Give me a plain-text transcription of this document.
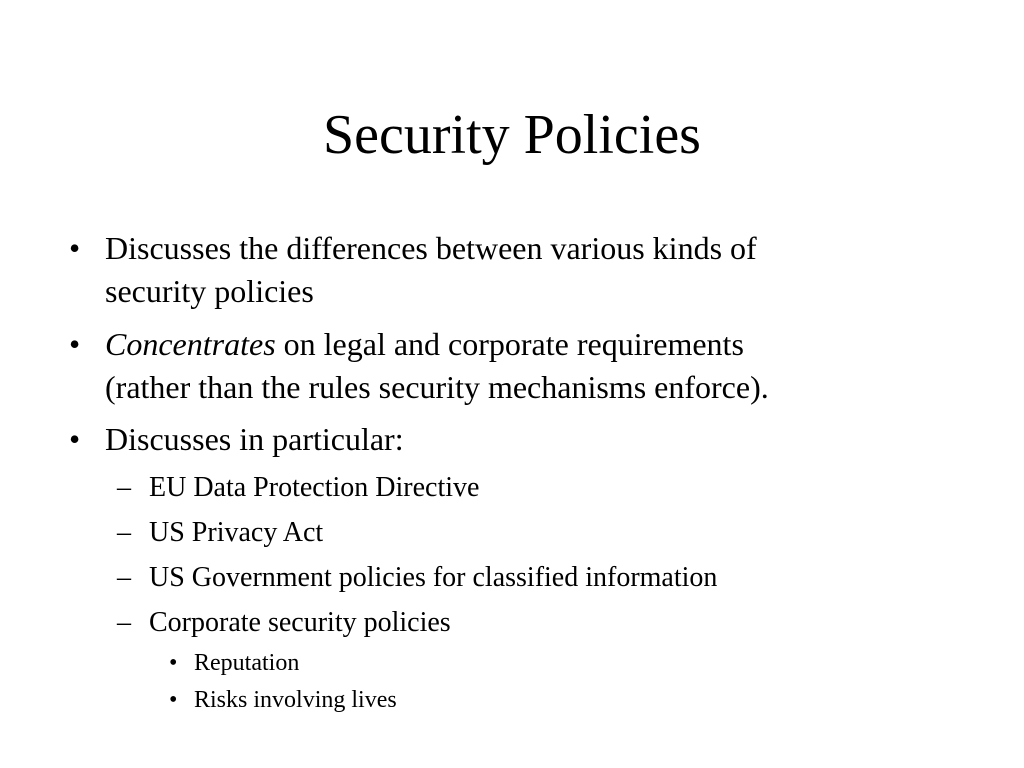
Security Policies
• Discusses the differences between various kinds of
security policies
• Concentrates on legal and corporate requirements
(rather than the rules security mechanisms enforce).
• Discusses in particular:
– EU Data Protection Directive
– US Privacy Act
– US Government policies for classified information
– Corporate security policies
• Reputation
• Risks involving lives
